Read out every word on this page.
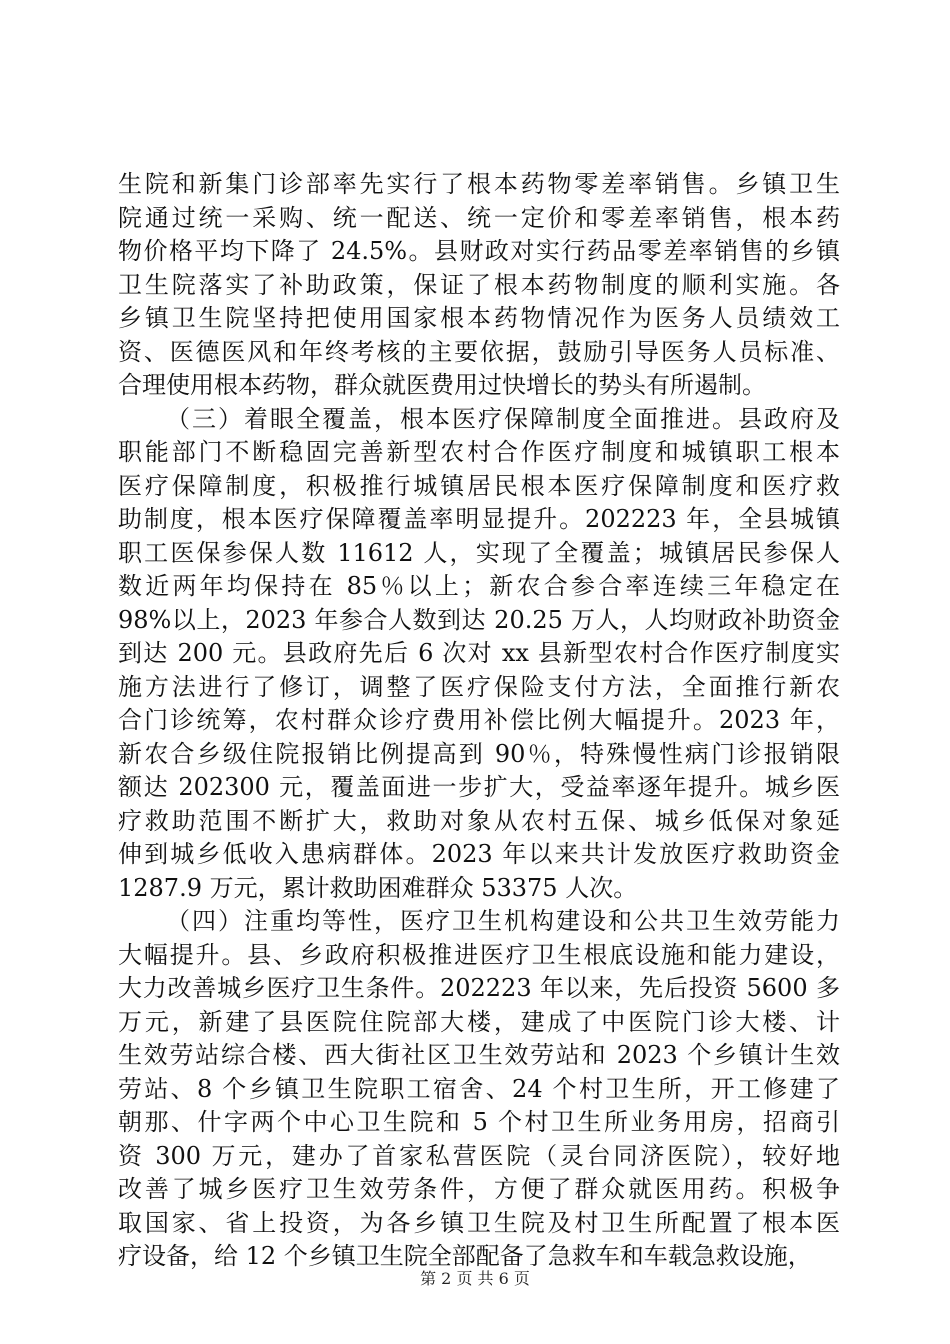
生院和新集门诊部率先实行了根本药物零差率销售。乡镇卫生
院通过统一采购、统一配送、统一定价和零差率销售，根本药
物价格平均下降了 24.5%。县财政对实行药品零差率销售的乡镇
卫生院落实了补助政策，保证了根本药物制度的顺利实施。各
乡镇卫生院坚持把使用国家根本药物情况作为医务人员绩效工
资、医德医风和年终考核的主要依据，鼓励引导医务人员标准、
合理使用根本药物，群众就医费用过快增长的势头有所遏制。
（三）着眼全覆盖，根本医疗保障制度全面推进。县政府及
职能部门不断稳固完善新型农村合作医疗制度和城镇职工根本
医疗保障制度，积极推行城镇居民根本医疗保障制度和医疗救
助制度，根本医疗保障覆盖率明显提升。202223 年，全县城镇
职工医保参保人数 11612 人，实现了全覆盖；城镇居民参保人
数近两年均保持在 85％以上；新农合参合率连续三年稳定在
98%以上，2023 年参合人数到达 20.25 万人，人均财政补助资金
到达 200 元。县政府先后 6 次对 xx 县新型农村合作医疗制度实
施方法进行了修订，调整了医疗保险支付方法，全面推行新农
合门诊统筹，农村群众诊疗费用补偿比例大幅提升。2023 年，
新农合乡级住院报销比例提高到 90％，特殊慢性病门诊报销限
额达 202300 元，覆盖面进一步扩大，受益率逐年提升。城乡医
疗救助范围不断扩大，救助对象从农村五保、城乡低保对象延
伸到城乡低收入患病群体。2023 年以来共计发放医疗救助资金
1287.9 万元，累计救助困难群众 53375 人次。
（四）注重均等性，医疗卫生机构建设和公共卫生效劳能力
大幅提升。县、乡政府积极推进医疗卫生根底设施和能力建设，
大力改善城乡医疗卫生条件。202223 年以来，先后投资 5600 多
万元，新建了县医院住院部大楼，建成了中医院门诊大楼、计
生效劳站综合楼、西大街社区卫生效劳站和 2023 个乡镇计生效
劳站、8 个乡镇卫生院职工宿舍、24 个村卫生所，开工修建了
朝那、什字两个中心卫生院和 5 个村卫生所业务用房，招商引
资 300 万元，建办了首家私营医院（灵台同济医院），较好地
改善了城乡医疗卫生效劳条件，方便了群众就医用药。积极争
取国家、省上投资，为各乡镇卫生院及村卫生所配置了根本医
疗设备，给 12 个乡镇卫生院全部配备了急救车和车载急救设施，
第 2 页 共 6 页
